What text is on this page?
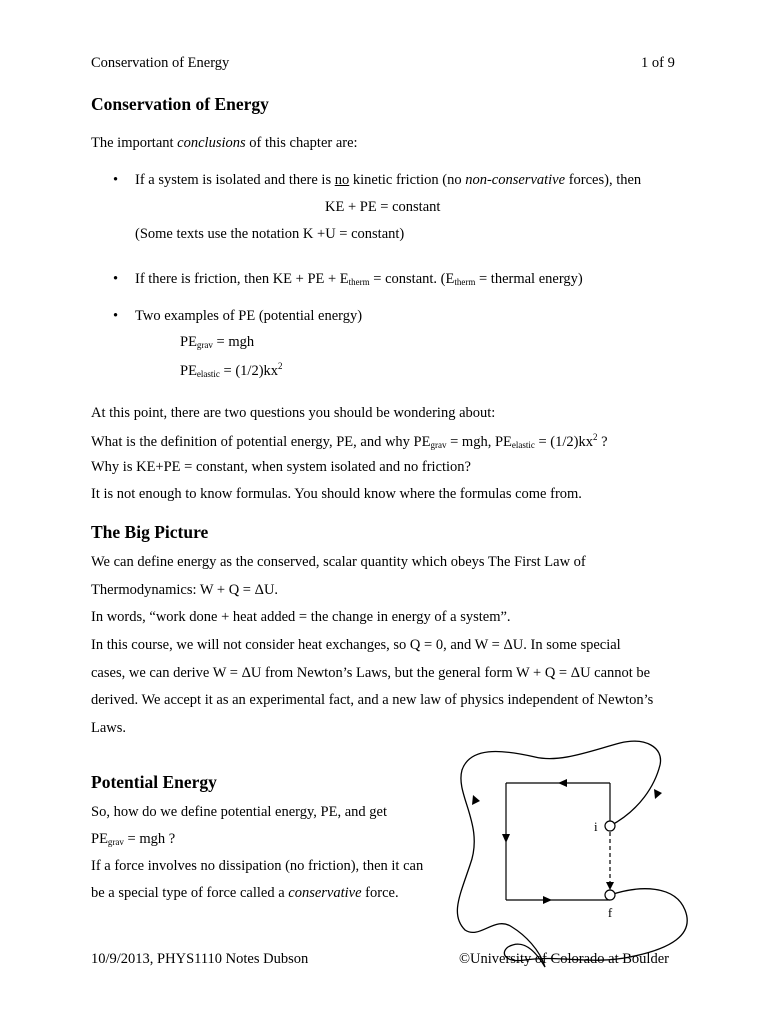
Conservation of Energy	1 of 9
Conservation of Energy
The important conclusions of this chapter are:
• If a system is isolated and there is no kinetic friction (no non-conservative forces), then
KE + PE = constant
(Some texts use the notation K +U = constant)
• If there is friction, then KE + PE + $E_{therm}$ = constant. ($E_{therm}$ = thermal energy)
• Two examples of PE (potential energy)
$PE_{grav}$ = mgh
$PE_{elastic} = (1/2)kx^2$
At this point, there are two questions you should be wondering about:
What is the definition of potential energy, PE, and why $PE_{grav}$ = mgh, $PE_{elastic} = (1/2)kx^2$ ?
Why is KE+PE = constant, when system isolated and no friction?
It is not enough to know formulas. You should know where the formulas come from.
The Big Picture
We can define energy as the conserved, scalar quantity which obeys The First Law of
Thermodynamics: W + Q = ΔU.
In words, “work done + heat added = the change in energy of a system”.
In this course, we will not consider heat exchanges, so Q = 0, and W = ΔU. In some special
cases, we can derive W = ΔU from Newton’s Laws, but the general form W + Q = ΔU cannot be
derived. We accept it as an experimental fact, and a new law of physics independent of Newton’s
Laws.
Potential Energy
So, how do we define potential energy, PE, and get
$PE_{grav}$ = mgh ?
If a force involves no dissipation (no friction), then it can
be a special type of force called a conservative force.
i
f
10/9/2013, PHYS1110 Notes Dubson	©University of Colorado at Boulder
